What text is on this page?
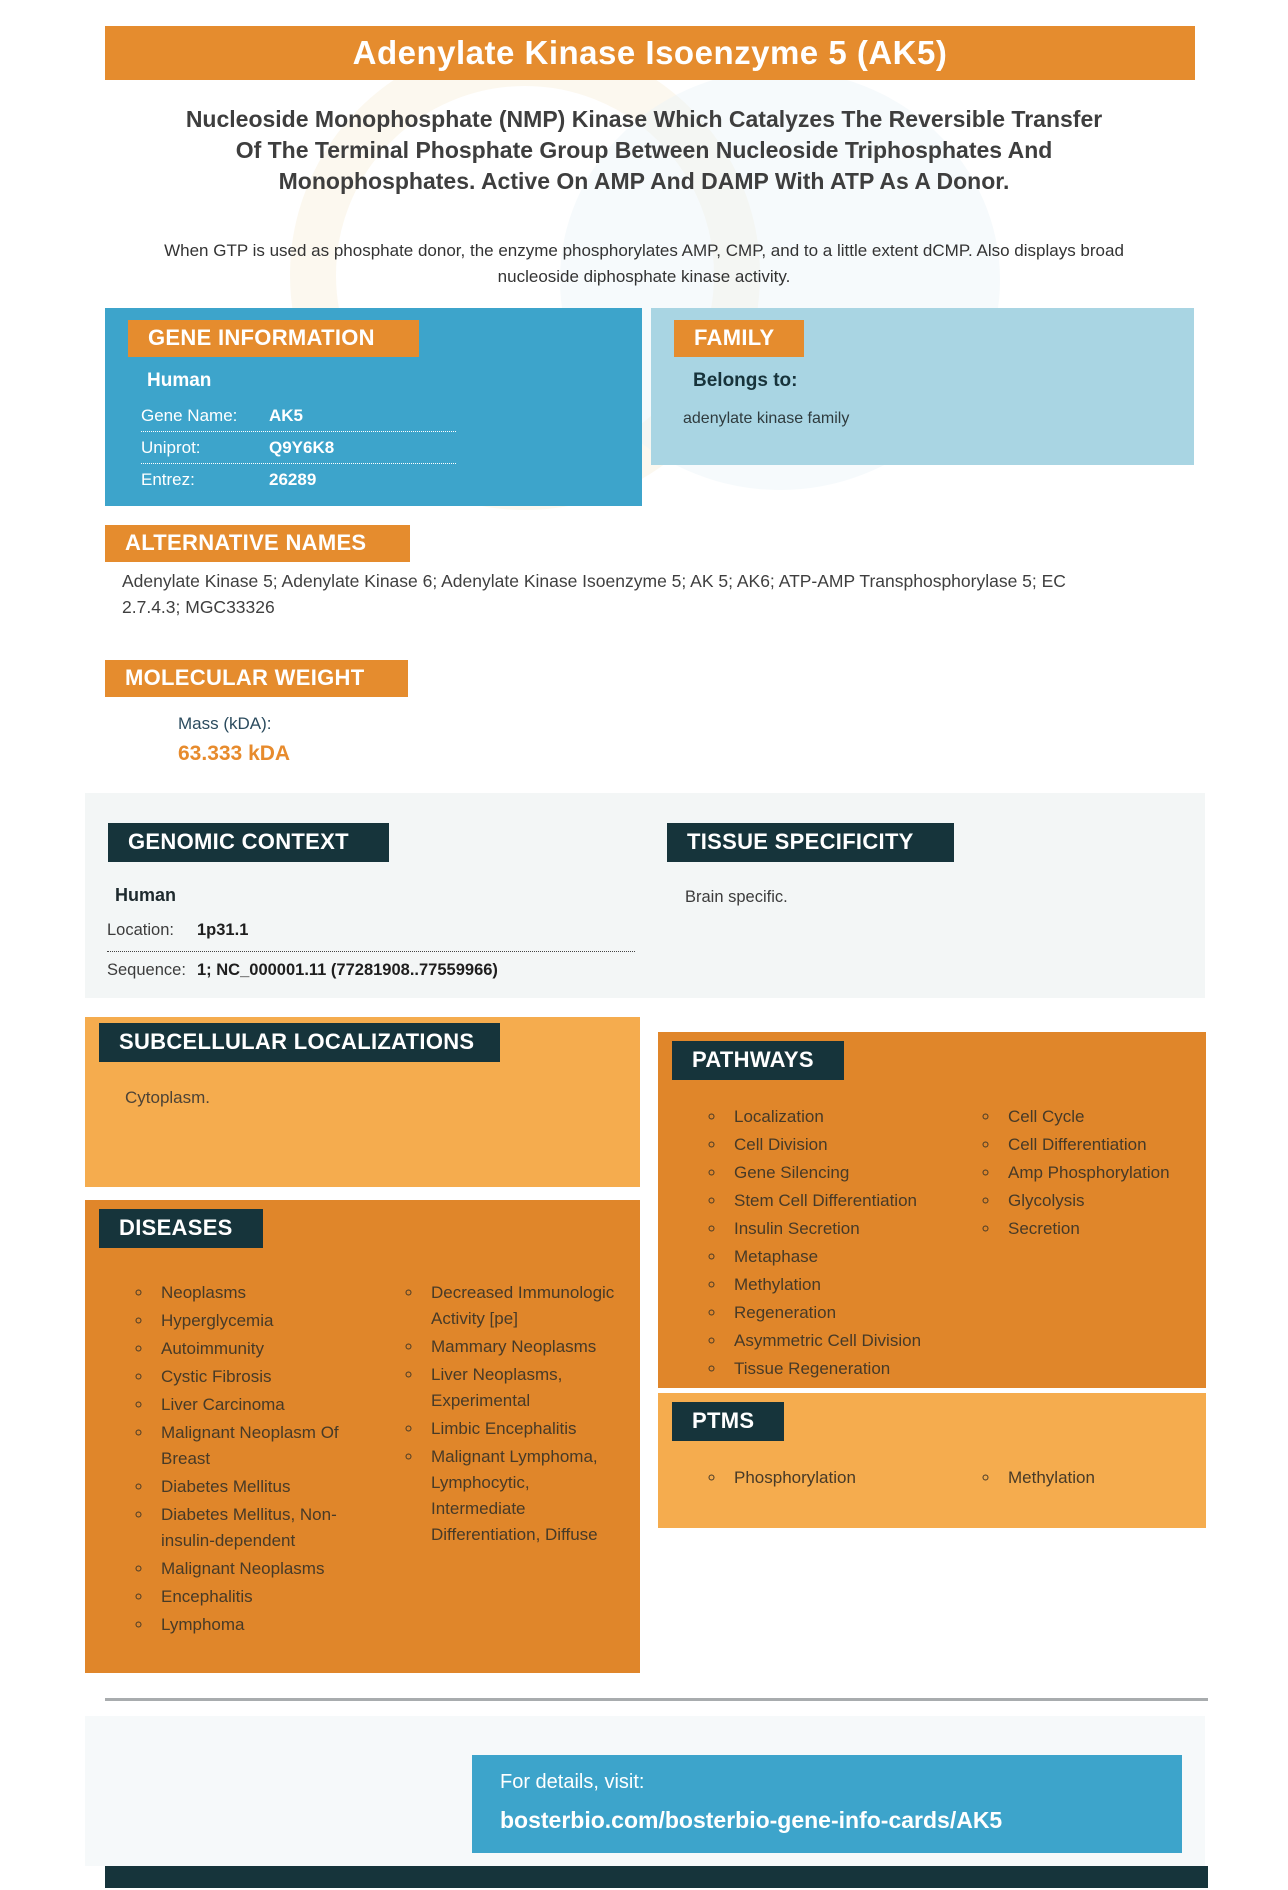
Adenylate Kinase Isoenzyme 5 (AK5)
Nucleoside Monophosphate (NMP) Kinase Which Catalyzes The Reversible Transfer Of The Terminal Phosphate Group Between Nucleoside Triphosphates And Monophosphates. Active On AMP And DAMP With ATP As A Donor.
When GTP is used as phosphate donor, the enzyme phosphorylates AMP, CMP, and to a little extent dCMP. Also displays broad nucleoside diphosphate kinase activity.
GENE INFORMATION
Human
Gene Name:	AK5
Uniprot:	Q9Y6K8
Entrez:	26289
FAMILY
Belongs to:
adenylate kinase family
ALTERNATIVE NAMES
Adenylate Kinase 5; Adenylate Kinase 6; Adenylate Kinase Isoenzyme 5; AK 5; AK6; ATP-AMP Transphosphorylase 5; EC 2.7.4.3; MGC33326
MOLECULAR WEIGHT
Mass (kDA):
63.333 kDA
GENOMIC CONTEXT
Human
Location:	1p31.1
Sequence: 1; NC_000001.11 (77281908..77559966)
TISSUE SPECIFICITY
Brain specific.
SUBCELLULAR LOCALIZATIONS
Cytoplasm.
PATHWAYS
◦ Localization
◦ Cell Division
◦ Gene Silencing
◦ Stem Cell Differentiation
◦ Insulin Secretion
◦ Metaphase
◦ Methylation
◦ Regeneration
◦ Asymmetric Cell Division
◦ Tissue Regeneration
◦ Cell Cycle
◦ Cell Differentiation
◦ Amp Phosphorylation
◦ Glycolysis
◦ Secretion
DISEASES
◦ Neoplasms
◦ Hyperglycemia
◦ Autoimmunity
◦ Cystic Fibrosis
◦ Liver Carcinoma
◦ Malignant Neoplasm Of Breast
◦ Diabetes Mellitus
◦ Diabetes Mellitus, Non-insulin-dependent
◦ Malignant Neoplasms
◦ Encephalitis
◦ Lymphoma
◦ Decreased Immunologic Activity [pe]
◦ Mammary Neoplasms
◦ Liver Neoplasms, Experimental
◦ Limbic Encephalitis
◦ Malignant Lymphoma, Lymphocytic, Intermediate Differentiation, Diffuse
PTMS
◦ Phosphorylation	◦ Methylation
For details, visit:
bosterbio.com/bosterbio-gene-info-cards/AK5
